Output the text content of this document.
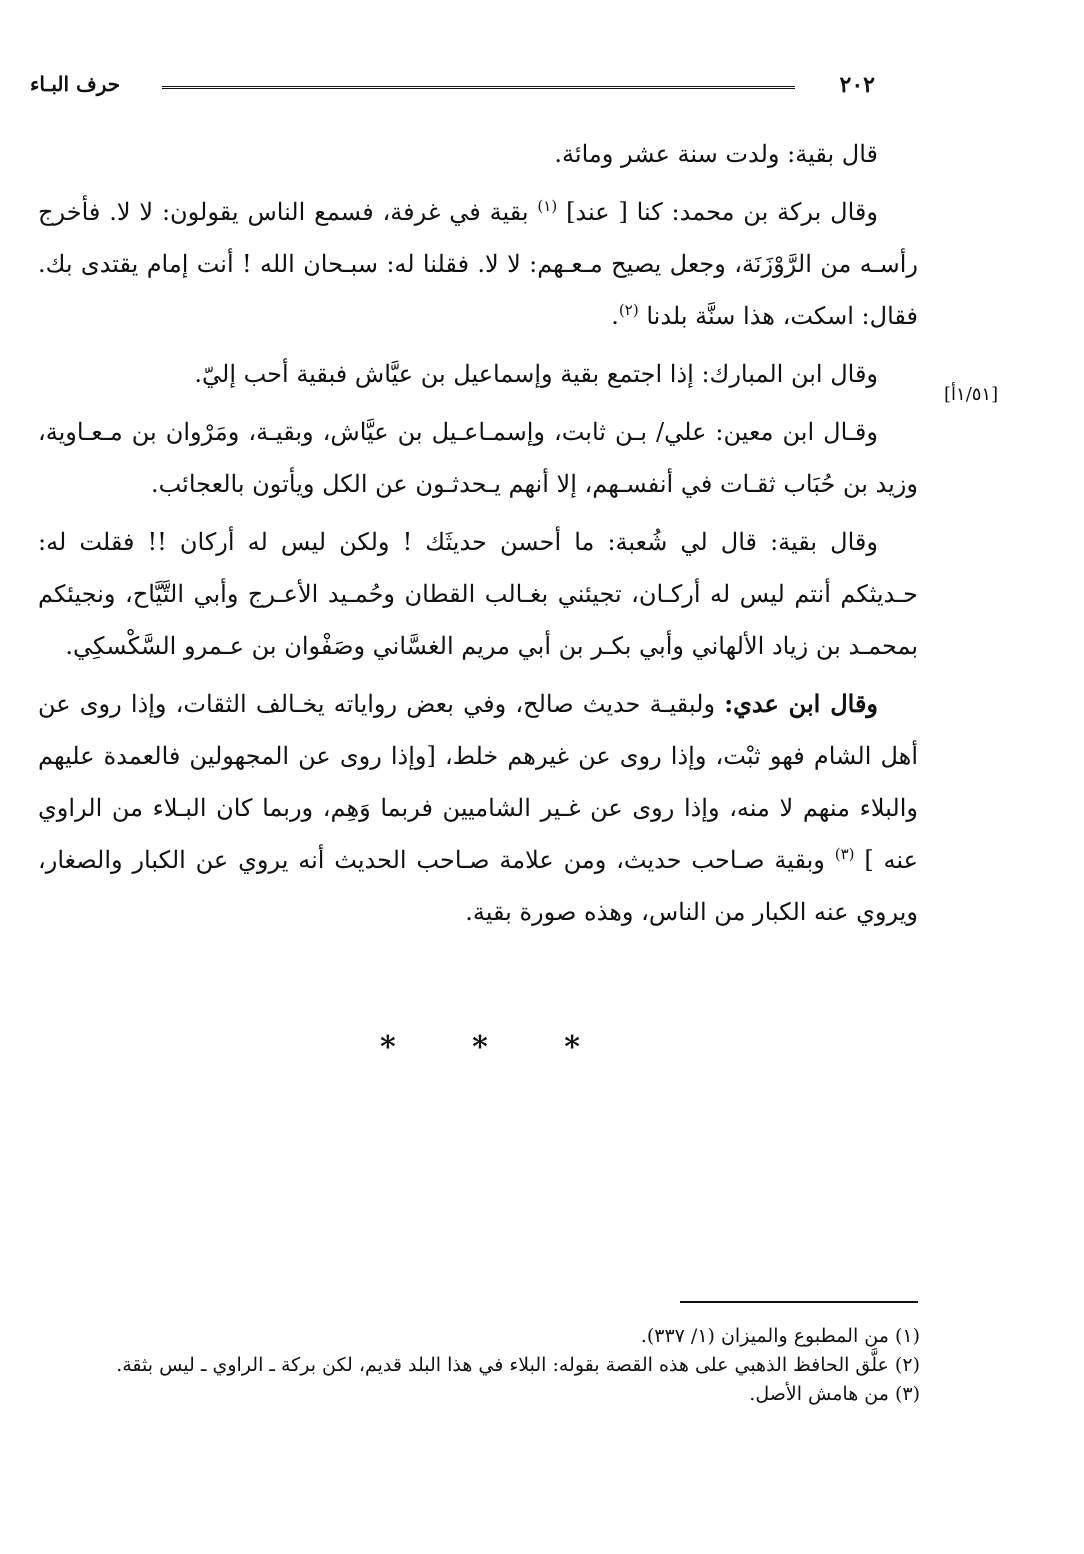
٢٠٢
حرف البـاء
[١/٥١أ]

قال بقية: ولدت سنة عشر ومائة.

وقال بركة بن محمد: كنا [ عند] $^{(١)}$ بقية في غرفة، فسمع الناس يقولون: لا لا. فأخرج رأسـه من الرَّوْزَنَة، وجعل يصيح مـعـهم: لا لا. فقلنا له: سبـحان الله ! أنت إمام يقتدى بك. فقال: اسكت، هذا سنَّة بلدنا $^{(٢)}$.

وقال ابن المبارك: إذا اجتمع بقية وإسماعيل بن عيَّاش فبقية أحب إليّ.

وقـال ابن معين: علي/ بـن ثابت، وإسمـاعـيل بن عيَّاش، وبقيـة، ومَرْوان بن مـعـاوية، وزيد بن حُبَاب ثقـات في أنفسـهم، إلا أنهم يـحدثـون عن الكل ويأتون بالعجائب.

وقال بقية: قال لي شُعبة: ما أحسن حديثَك ! ولكن ليس له أركان !! فقلت له: حـديثكم أنتم ليس له أركـان، تجيئني بغـالب القطان وحُمـيد الأعـرج وأبي التَّيَّاح، ونجيئكم بمحمـد بن زياد الألهاني وأبي بكـر بن أبي مريم الغسَّاني وصَفْوان بن عـمرو السَّكْسكِي.

وقال ابن عدي: ولبقيـة حديث صالح، وفي بعض رواياته يخـالف الثقات، وإذا روى عن أهل الشام فهو ثبْت، وإذا روى عن غيرهم خلط، [وإذا روى عن المجهولين فالعمدة عليهم والبلاء منهم لا منه، وإذا روى عن غـير الشاميين فربما وَهِم، وربما كان البـلاء من الراوي عنه ] $^{(٣)}$ وبقية صـاحب حديث، ومن علامة صـاحب الحديث أنه يروي عن الكبار والصغار، ويروي عنه الكبار من الناس، وهذه صورة بقية.

*	*	*

(١) من المطبوع والميزان (١/ ٣٣٧).

(٢) علَّق الحافظ الذهبي على هذه القصة بقوله: البلاء في هذا البلد قديم، لكن بركة ـ الراوي ـ ليس بثقة.

(٣) من هامش الأصل.
